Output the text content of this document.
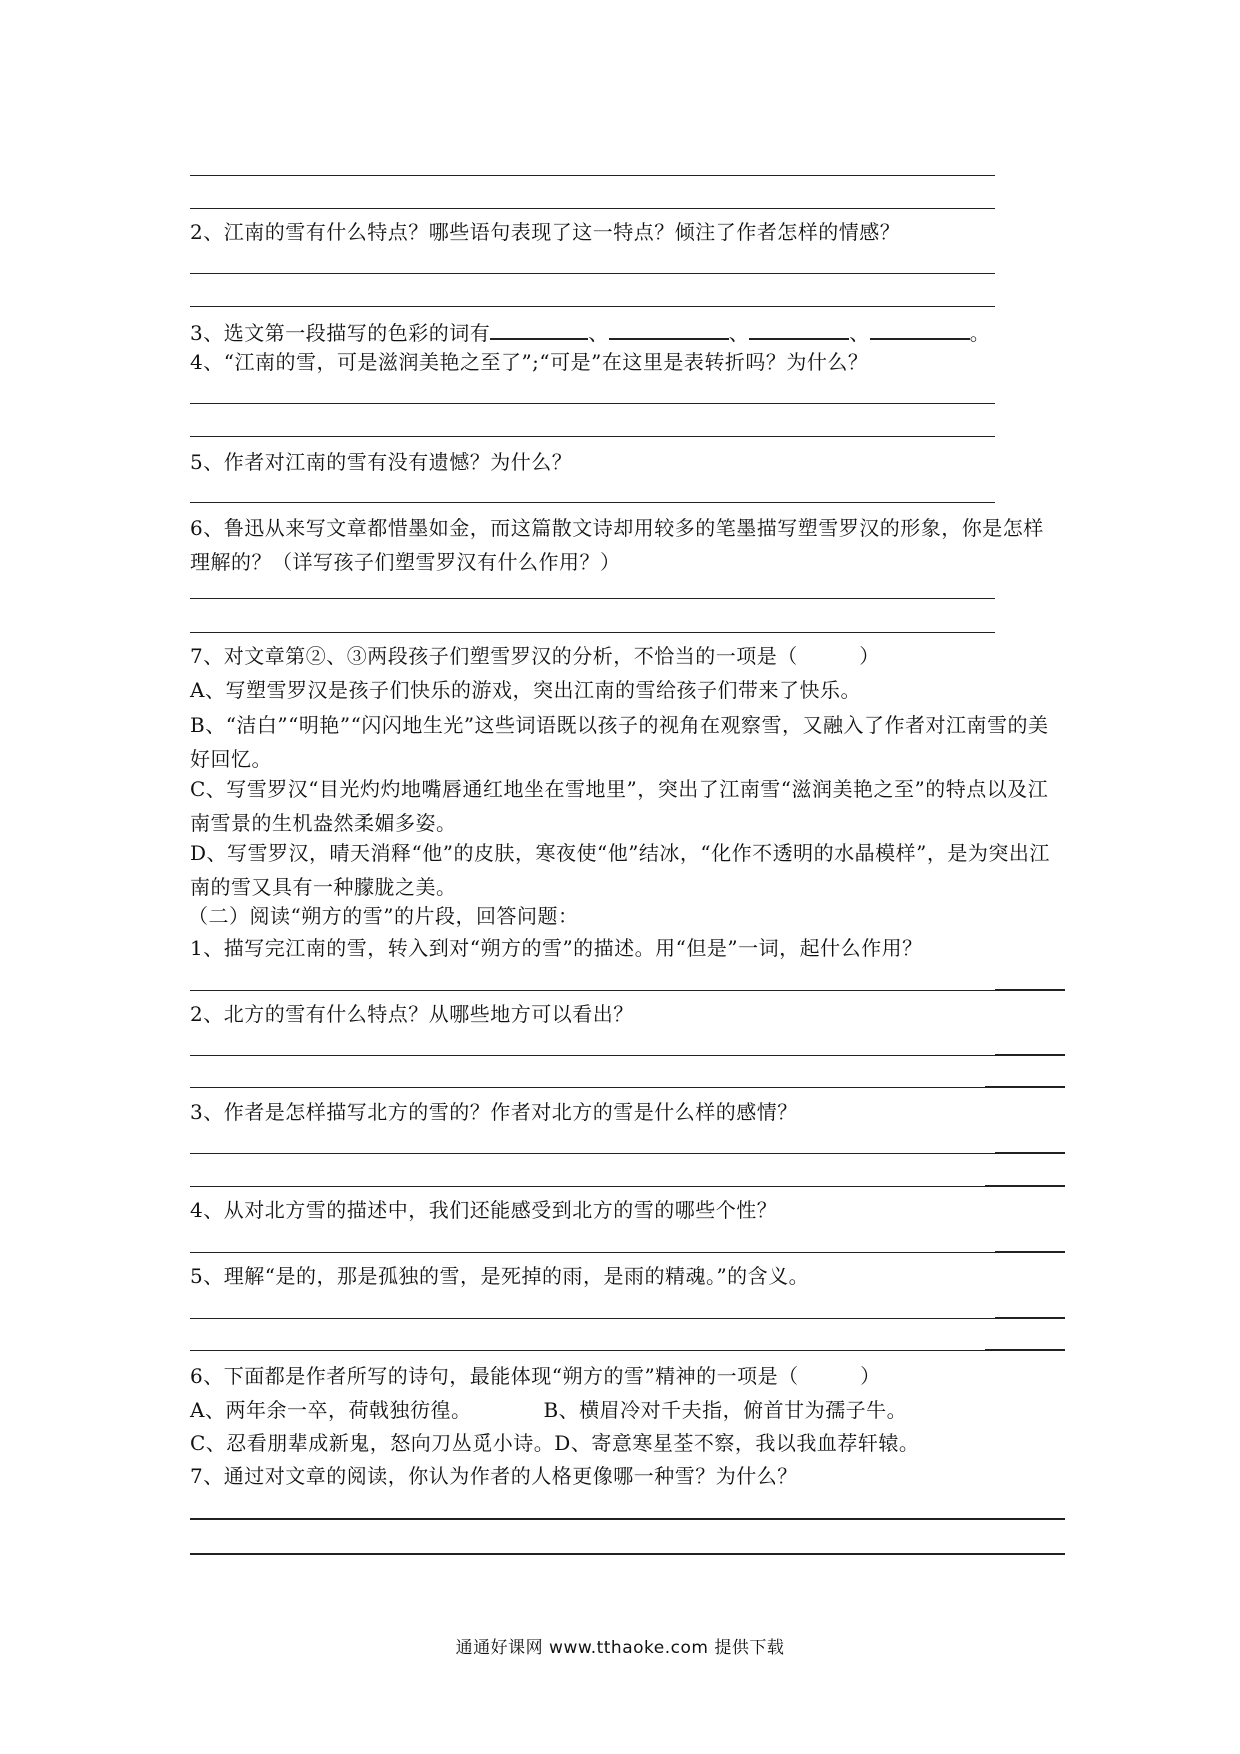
2、江南的雪有什么特点？哪些语句表现了这一特点？倾注了作者怎样的情感？
3、选文第一段描写的色彩的词有	、	、	、	。
4、“江南的雪，可是滋润美艳之至了”;“可是”在这里是表转折吗？为什么？
5、作者对江南的雪有没有遗憾？为什么？
6、鲁迅从来写文章都惜墨如金，而这篇散文诗却用较多的笔墨描写塑雪罗汉的形象，你是怎样理解的？（详写孩子们塑雪罗汉有什么作用？）
7、对文章第②、③两段孩子们塑雪罗汉的分析，不恰当的一项是（　　　）
A、写塑雪罗汉是孩子们快乐的游戏，突出江南的雪给孩子们带来了快乐。
B、“洁白”“明艳”“闪闪地生光”这些词语既以孩子的视角在观察雪，又融入了作者对江南雪的美好回忆。
C、写雪罗汉“目光灼灼地嘴唇通红地坐在雪地里”，突出了江南雪“滋润美艳之至”的特点以及江南雪景的生机盎然柔媚多姿。
D、写雪罗汉，晴天消释“他”的皮肤，寒夜使“他”结冰，“化作不透明的水晶模样”，是为突出江南的雪又具有一种朦胧之美。
（二）阅读“朔方的雪”的片段，回答问题：
1、描写完江南的雪，转入到对“朔方的雪”的描述。用“但是”一词，起什么作用？
2、北方的雪有什么特点？从哪些地方可以看出？
3、作者是怎样描写北方的雪的？作者对北方的雪是什么样的感情？
4、从对北方雪的描述中，我们还能感受到北方的雪的哪些个性？
5、理解“是的，那是孤独的雪，是死掉的雨，是雨的精魂。”的含义。
6、下面都是作者所写的诗句，最能体现“朔方的雪”精神的一项是（　　　）
A、两年余一卒，荷戟独彷徨。　　　　B、横眉冷对千夫指，俯首甘为孺子牛。
C、忍看朋辈成新鬼，怒向刀丛觅小诗。D、寄意寒星荃不察，我以我血荐轩辕。
7、通过对文章的阅读，你认为作者的人格更像哪一种雪？为什么？
通通好课网 www.tthaoke.com 提供下载
